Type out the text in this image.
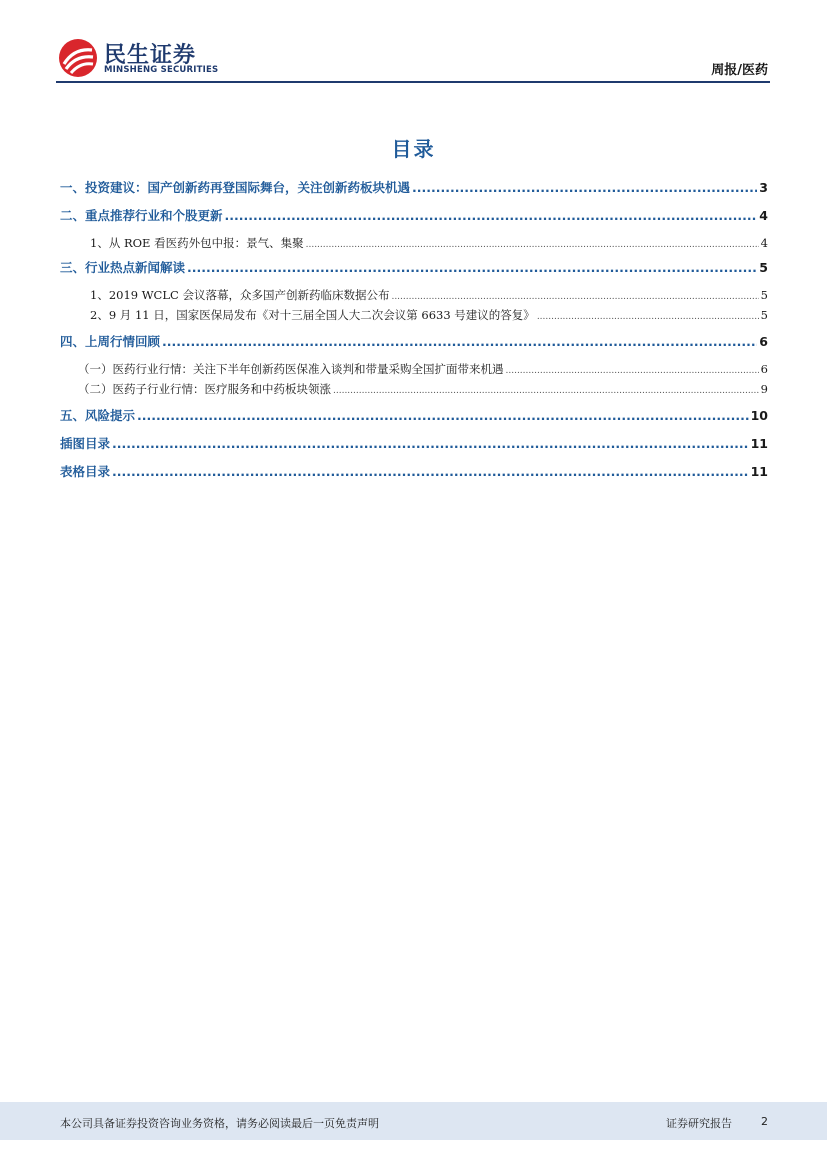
民生证券
MINSHENG SECURITIES	周报/医药
目录
一、投资建议：国产创新药再登国际舞台，关注创新药板块机遇 .....	3
二、重点推荐行业和个股更新 .....	4
1、从 ROE 看医药外包中报：景气、集聚 .....	4
三、行业热点新闻解读 .....	5
1、2019 WCLC 会议落幕，众多国产创新药临床数据公布 .....	5
2、9 月 11 日，国家医保局发布《对十三届全国人大二次会议第 6633 号建议的答复》 .....	5
四、上周行情回顾 .....	6
（一）医药行业行情：关注下半年创新药医保准入谈判和带量采购全国扩面带来机遇 .....	6
（二）医药子行业行情：医疗服务和中药板块领涨 .....	9
五、风险提示 .....	10
插图目录 .....	11
表格目录 .....	11
本公司具备证券投资咨询业务资格，请务必阅读最后一页免责声明	证券研究报告	2
